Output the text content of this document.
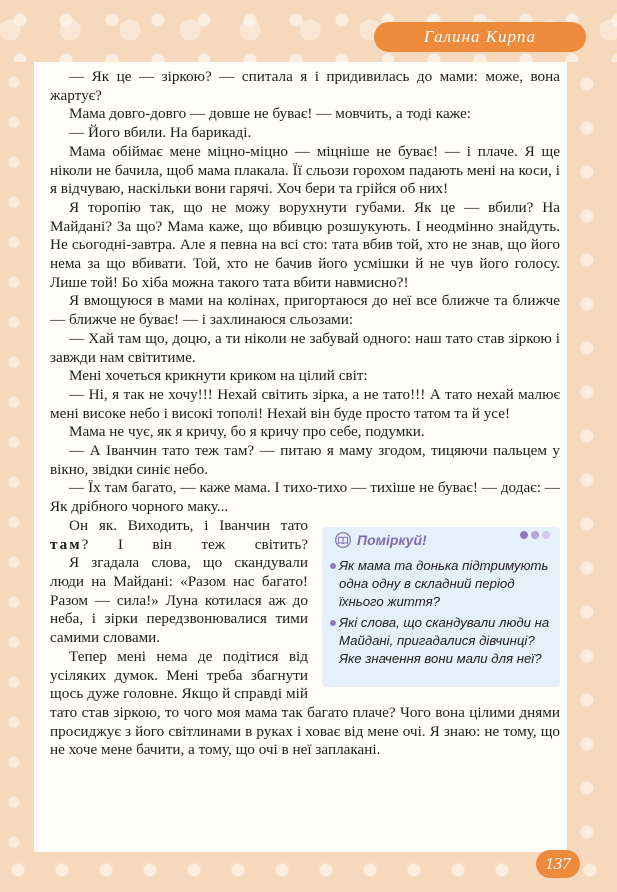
Галина Кирпа

— Як це — зіркою? — спитала я і придивилась до мами: може, вона жартує?

Мама довго-довго — довше не буває! — мовчить, а тоді каже:

— Його вбили. На барикаді.

Мама обіймає мене міцно-міцно — міцніше не буває! — і плаче. Я ще ніколи не бачила, щоб мама плакала. Її сльози горохом падають мені на коси, і я відчуваю, наскільки вони гарячі. Хоч бери та грійся об них!

Я торопію так, що не можу ворухнути губами. Як це — вбили? На Майдані? За що? Мама каже, що вбивцю розшукують. І неодмінно знайдуть. Не сьогодні-завтра. Але я певна на всі сто: тата вбив той, хто не знав, що його нема за що вбивати. Той, хто не бачив його усмішки й не чув його голосу. Лише той! Бо хіба можна такого тата вбити навмисно?!

Я вмощуюся в мами на колінах, пригортаюся до неї все ближче та ближче — ближче не буває! — і захлинаюся сльозами:

— Хай там що, доцю, а ти ніколи не забувай одного: наш тато став зіркою і завжди нам світитиме.

Мені хочеться крикнути криком на цілий світ:

— Ні, я так не хочу!!! Нехай світить зірка, а не тато!!! А тато нехай малює мені високе небо і високі тополі! Нехай він буде просто татом та й усе!

Мама не чує, як я кричу, бо я кричу про себе, подумки.

— А Іванчин тато теж там? — питаю я маму згодом, тицяючи пальцем у вікно, звідки синіє небо.

— Їх там багато, — каже мама. І тихо-тихо — тихіше не буває! — додає: — Як дрібного чорного маку...

Поміркуй!
Як мама та донька підтримують одна одну в складний період їхнього життя?
Які слова, що скандували люди на Майдані, пригадалися дівчинці? Яке значення вони мали для неї?

Он як. Виходить, і Іванчин тато там? І він теж світить?

Я згадала слова, що скандували люди на Майдані: «Разом нас багато! Разом — сила!» Луна котилася аж до неба, і зірки передзвонювалися тими самими словами.

Тепер мені нема де подітися від усіляких думок. Мені треба збагнути щось дуже головне. Якщо й справді мій тато став зіркою, то чого моя мама так багато плаче? Чого вона цілими днями просиджує з його світлинами в руках і ховає від мене очі. Я знаю: не тому, що не хоче мене бачити, а тому, що очі в неї заплакані.

137
